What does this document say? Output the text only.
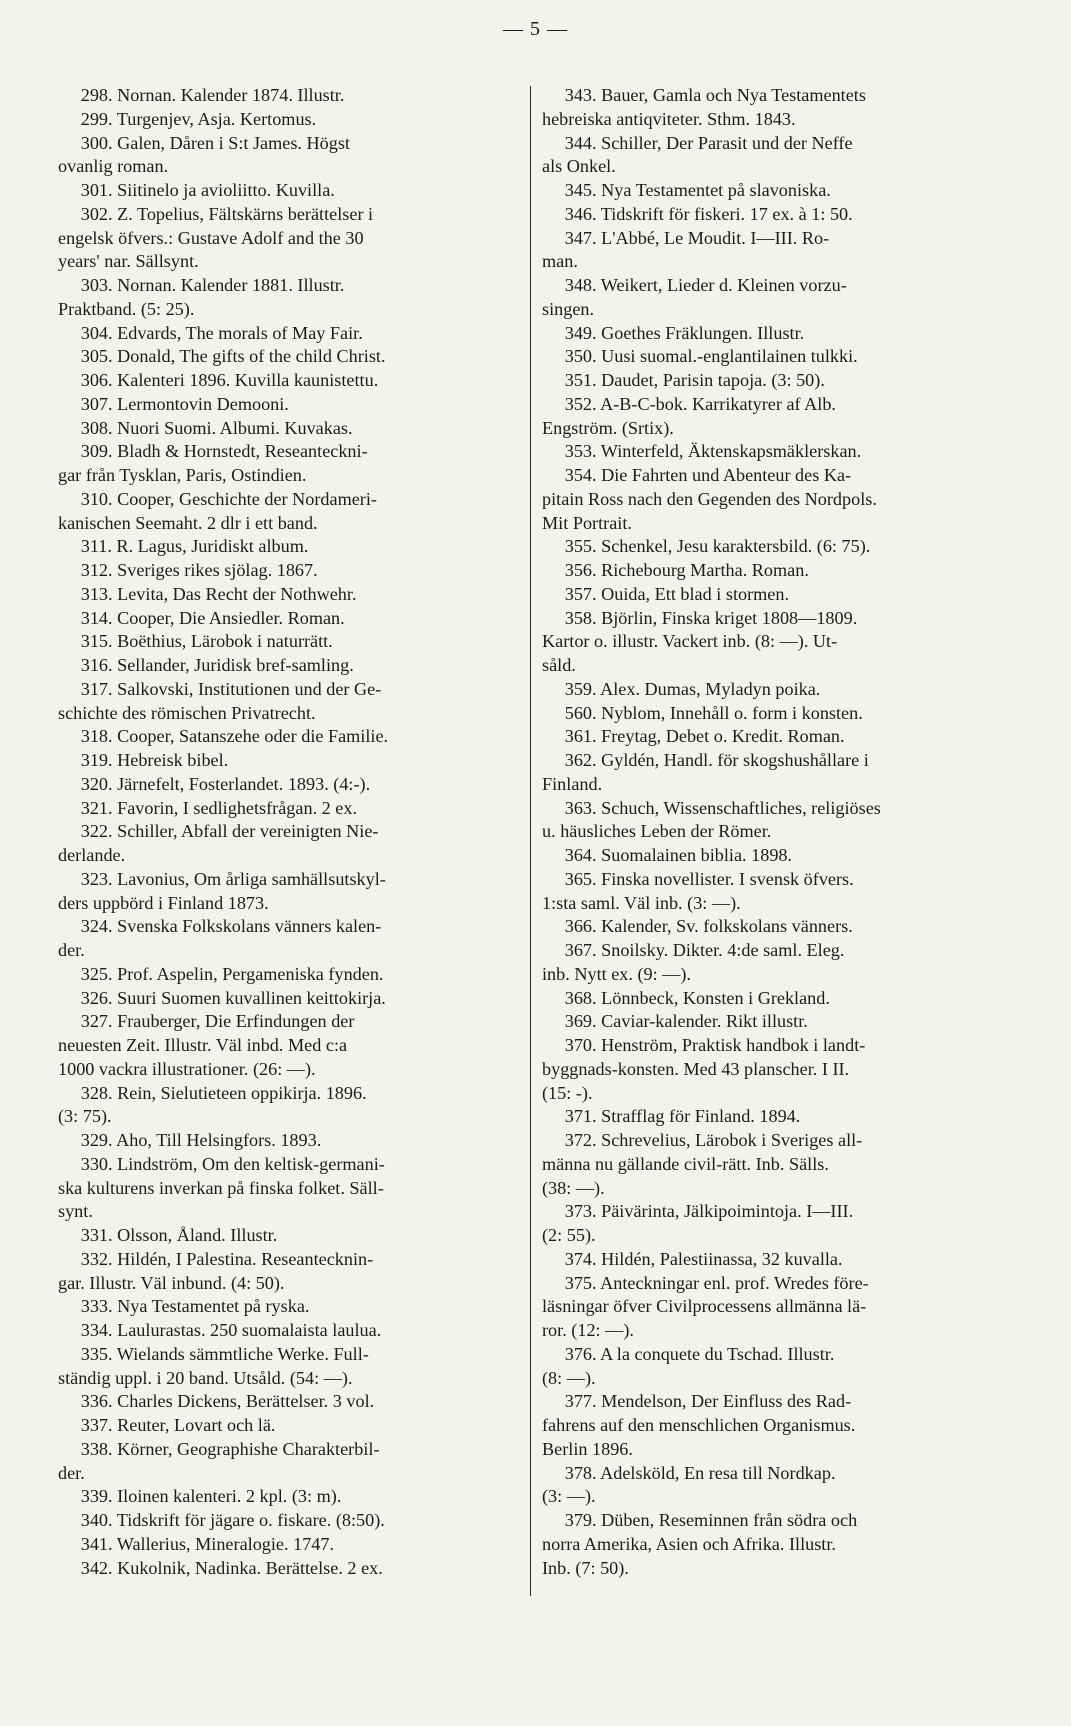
— 5 —
298. Nornan. Kalender 1874. Illustr.
299. Turgenjev, Asja. Kertomus.
300. Galen, Dåren i S:t James. Högst
ovanlig roman.
301. Siitinelo ja avioliitto. Kuvilla.
302. Z. Topelius, Fältskärns berättelser i
engelsk öfvers.: Gustave Adolf and the 30
years' nar. Sällsynt.
303. Nornan. Kalender 1881. Illustr.
Praktband. (5: 25).
304. Edvards, The morals of May Fair.
305. Donald, The gifts of the child Christ.
306. Kalenteri 1896. Kuvilla kaunistettu.
307. Lermontovin Demooni.
308. Nuori Suomi. Albumi. Kuvakas.
309. Bladh & Hornstedt, Reseanteckni-
gar från Tysklan, Paris, Ostindien.
310. Cooper, Geschichte der Nordameri-
kanischen Seemaht. 2 dlr i ett band.
311. R. Lagus, Juridiskt album.
312. Sveriges rikes sjölag. 1867.
313. Levita, Das Recht der Nothwehr.
314. Cooper, Die Ansiedler. Roman.
315. Boëthius, Lärobok i naturrätt.
316. Sellander, Juridisk bref-samling.
317. Salkovski, Institutionen und der Ge-
schichte des römischen Privatrecht.
318. Cooper, Satanszehe oder die Familie.
319. Hebreisk bibel.
320. Järnefelt, Fosterlandet. 1893. (4:-).
321. Favorin, I sedlighetsfrågan. 2 ex.
322. Schiller, Abfall der vereinigten Nie-
derlande.
323. Lavonius, Om årliga samhällsutskyl-
ders uppbörd i Finland 1873.
324. Svenska Folkskolans vänners kalen-
der.
325. Prof. Aspelin, Pergameniska fynden.
326. Suuri Suomen kuvallinen keittokirja.
327. Frauberger, Die Erfindungen der
neuesten Zeit. Illustr. Väl inbd. Med c:a
1000 vackra illustrationer. (26: —).
328. Rein, Sielutieteen oppikirja. 1896.
(3: 75).
329. Aho, Till Helsingfors. 1893.
330. Lindström, Om den keltisk-germani-
ska kulturens inverkan på finska folket. Säll-
synt.
331. Olsson, Åland. Illustr.
332. Hildén, I Palestina. Reseantecknin-
gar. Illustr. Väl inbund. (4: 50).
333. Nya Testamentet på ryska.
334. Laulurastas. 250 suomalaista laulua.
335. Wielands sämmtliche Werke. Full-
ständig uppl. i 20 band. Utsåld. (54: —).
336. Charles Dickens, Berättelser. 3 vol.
337. Reuter, Lovart och lä.
338. Körner, Geographishe Charakterbil-
der.
339. Iloinen kalenteri. 2 kpl. (3: m).
340. Tidskrift för jägare o. fiskare. (8:50).
341. Wallerius, Mineralogie. 1747.
342. Kukolnik, Nadinka. Berättelse. 2 ex.
343. Bauer, Gamla och Nya Testamentets
hebreiska antiqviteter. Sthm. 1843.
344. Schiller, Der Parasit und der Neffe
als Onkel.
345. Nya Testamentet på slavoniska.
346. Tidskrift för fiskeri. 17 ex. à 1: 50.
347. L'Abbé, Le Moudit. I—III. Ro-
man.
348. Weikert, Lieder d. Kleinen vorzu-
singen.
349. Goethes Fräklungen. Illustr.
350. Uusi suomal.-englantilainen tulkki.
351. Daudet, Parisin tapoja. (3: 50).
352. A-B-C-bok. Karrikatyrer af Alb.
Engström. (Srtix).
353. Winterfeld, Äktenskapsmäklerskan.
354. Die Fahrten und Abenteur des Ka-
pitain Ross nach den Gegenden des Nordpols.
Mit Portrait.
355. Schenkel, Jesu karaktersbild. (6: 75).
356. Richebourg Martha. Roman.
357. Ouida, Ett blad i stormen.
358. Björlin, Finska kriget 1808—1809.
Kartor o. illustr. Vackert inb. (8: —). Ut-
såld.
359. Alex. Dumas, Myladyn poika.
560. Nyblom, Innehåll o. form i konsten.
361. Freytag, Debet o. Kredit. Roman.
362. Gyldén, Handl. för skogshushållare i
Finland.
363. Schuch, Wissenschaftliches, religiöses
u. häusliches Leben der Römer.
364. Suomalainen biblia. 1898.
365. Finska novellister. I svensk öfvers.
1:sta saml. Väl inb. (3: —).
366. Kalender, Sv. folkskolans vänners.
367. Snoilsky. Dikter. 4:de saml. Eleg.
inb. Nytt ex. (9: —).
368. Lönnbeck, Konsten i Grekland.
369. Caviar-kalender. Rikt illustr.
370. Henström, Praktisk handbok i landt-
byggnads-konsten. Med 43 planscher. I II.
(15: -).
371. Strafflag för Finland. 1894.
372. Schrevelius, Lärobok i Sveriges all-
männa nu gällande civil-rätt. Inb. Sälls.
(38: —).
373. Päivärinta, Jälkipoimintoja. I—III.
(2: 55).
374. Hildén, Palestiinassa, 32 kuvalla.
375. Anteckningar enl. prof. Wredes före-
läsningar öfver Civilprocessens allmänna lä-
ror. (12: —).
376. A la conquete du Tschad. Illustr.
(8: —).
377. Mendelson, Der Einfluss des Rad-
fahrens auf den menschlichen Organismus.
Berlin 1896.
378. Adelsköld, En resa till Nordkap.
(3: —).
379. Düben, Reseminnen från södra och
norra Amerika, Asien och Afrika. Illustr.
Inb. (7: 50).
